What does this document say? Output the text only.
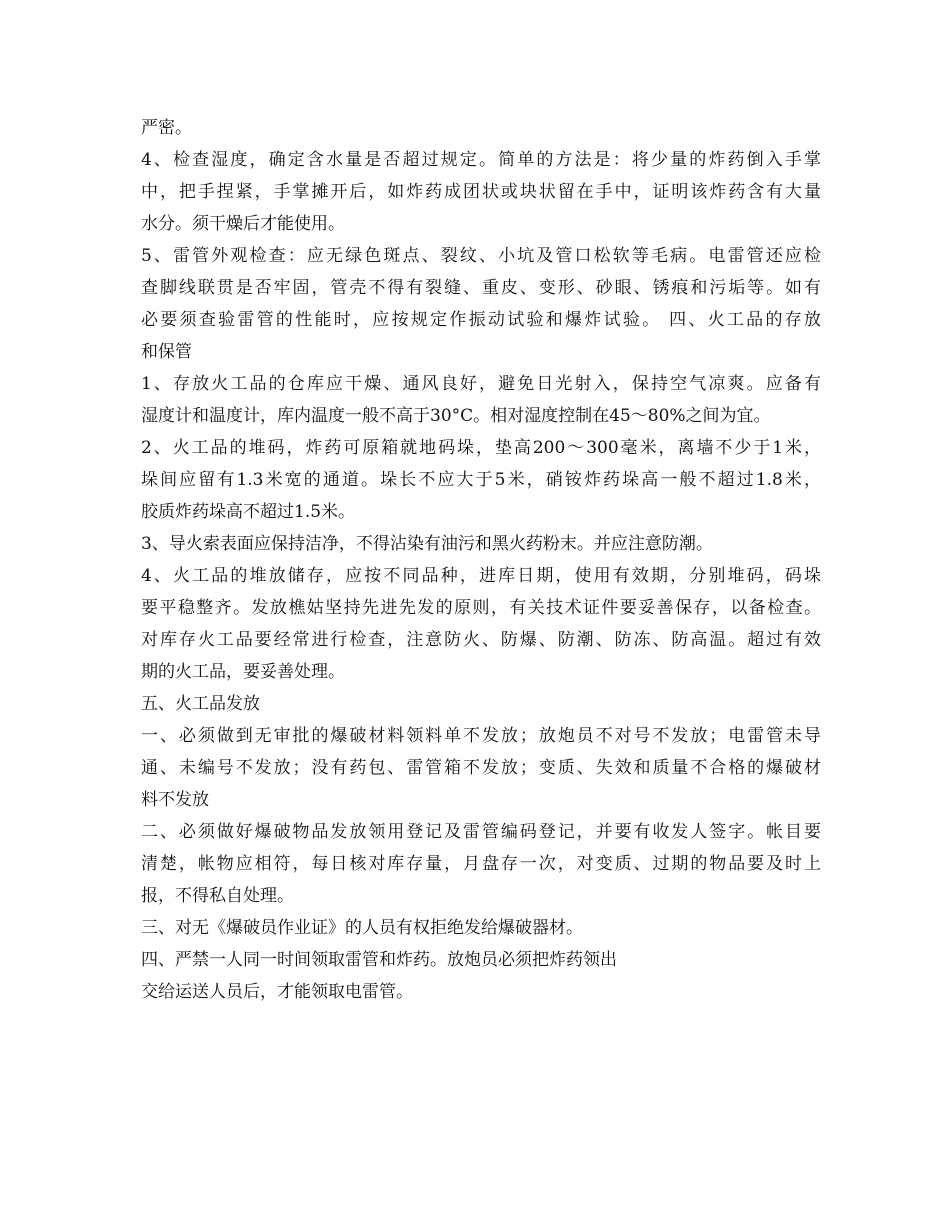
严密。
4、检查湿度，确定含水量是否超过规定。简单的方法是：将少量的炸药倒入手掌
中，把手捏紧，手掌摊开后，如炸药成团状或块状留在手中，证明该炸药含有大量
水分。须干燥后才能使用。
5、雷管外观检查：应无绿色斑点、裂纹、小坑及管口松软等毛病。电雷管还应检
查脚线联贯是否牢固，管壳不得有裂缝、重皮、变形、砂眼、锈痕和污垢等。如有
必要须查验雷管的性能时，应按规定作振动试验和爆炸试验。 四、火工品的存放
和保管
1、存放火工品的仓库应干燥、通风良好，避免日光射入，保持空气凉爽。应备有
湿度计和温度计，库内温度一般不高于30°C。相对湿度控制在45～80%之间为宜。
2、火工品的堆码，炸药可原箱就地码垛，垫高200～300毫米，离墙不少于1米，
垛间应留有1.3米宽的通道。垛长不应大于5米，硝铵炸药垛高一般不超过1.8米，
胶质炸药垛高不超过1.5米。
3、导火索表面应保持洁净，不得沾染有油污和黑火药粉末。并应注意防潮。
4、火工品的堆放储存，应按不同品种，进库日期，使用有效期，分别堆码，码垛
要平稳整齐。发放樵姑坚持先进先发的原则，有关技术证件要妥善保存，以备检查。
对库存火工品要经常进行检查，注意防火、防爆、防潮、防冻、防高温。超过有效
期的火工品，要妥善处理。
五、火工品发放
一、必须做到无审批的爆破材料领料单不发放；放炮员不对号不发放；电雷管未导
通、未编号不发放；没有药包、雷管箱不发放；变质、失效和质量不合格的爆破材
料不发放
二、必须做好爆破物品发放领用登记及雷管编码登记，并要有收发人签字。帐目要
清楚，帐物应相符，每日核对库存量，月盘存一次，对变质、过期的物品要及时上
报，不得私自处理。
三、对无《爆破员作业证》的人员有权拒绝发给爆破器材。
四、严禁一人同一时间领取雷管和炸药。放炮员必须把炸药领出
交给运送人员后，才能领取电雷管。
